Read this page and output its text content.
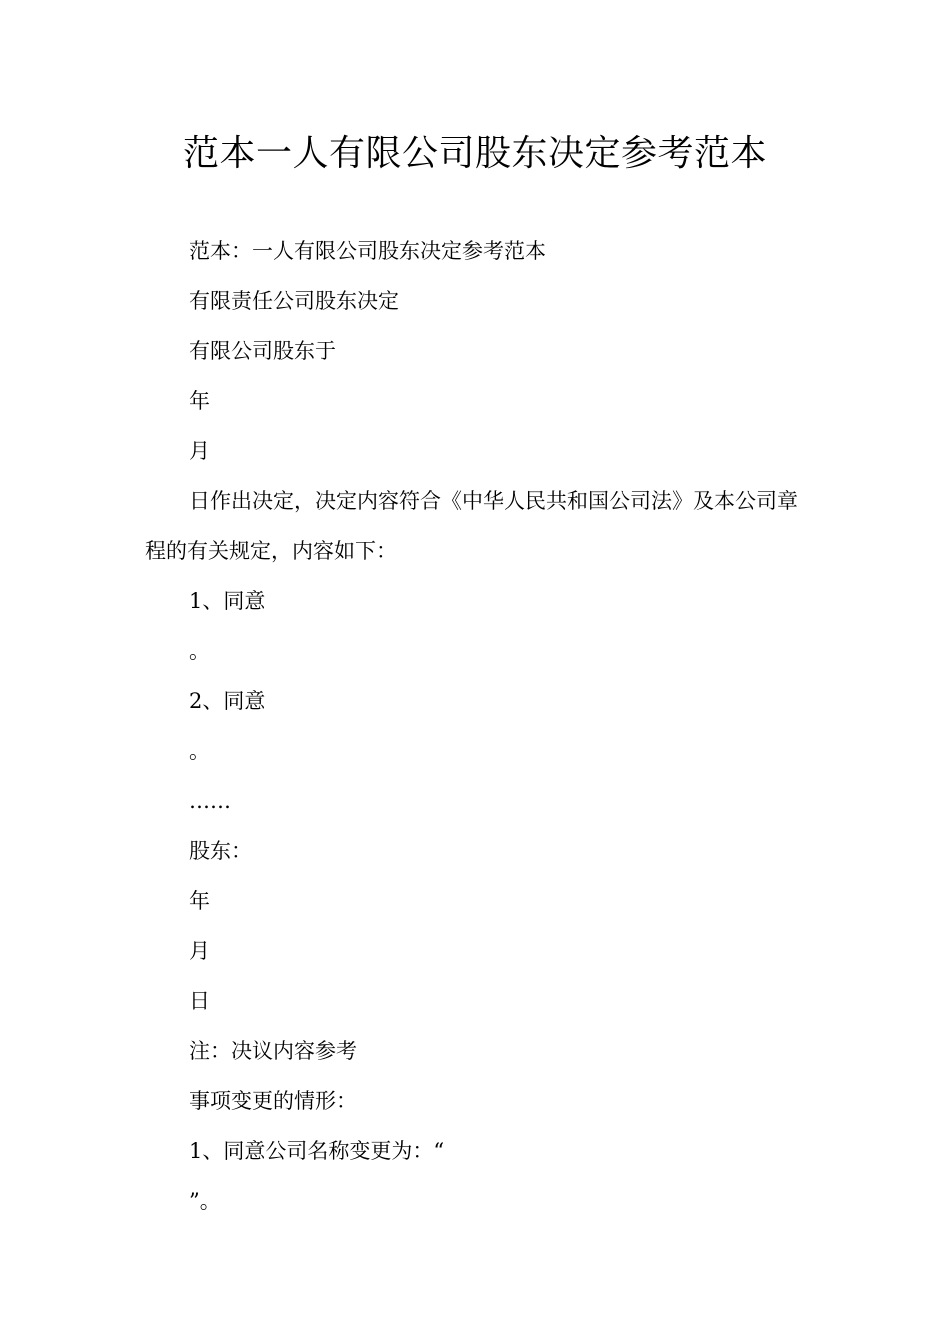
范本一人有限公司股东决定参考范本

范本：一人有限公司股东决定参考范本

有限责任公司股东决定

有限公司股东于

年

月

日作出决定，决定内容符合《中华人民共和国公司法》及本公司章程的有关规定，内容如下：

1、同意

。

2、同意

。

……

股东：

年

月

日

注：决议内容参考

事项变更的情形：

1、同意公司名称变更为：“

”。
